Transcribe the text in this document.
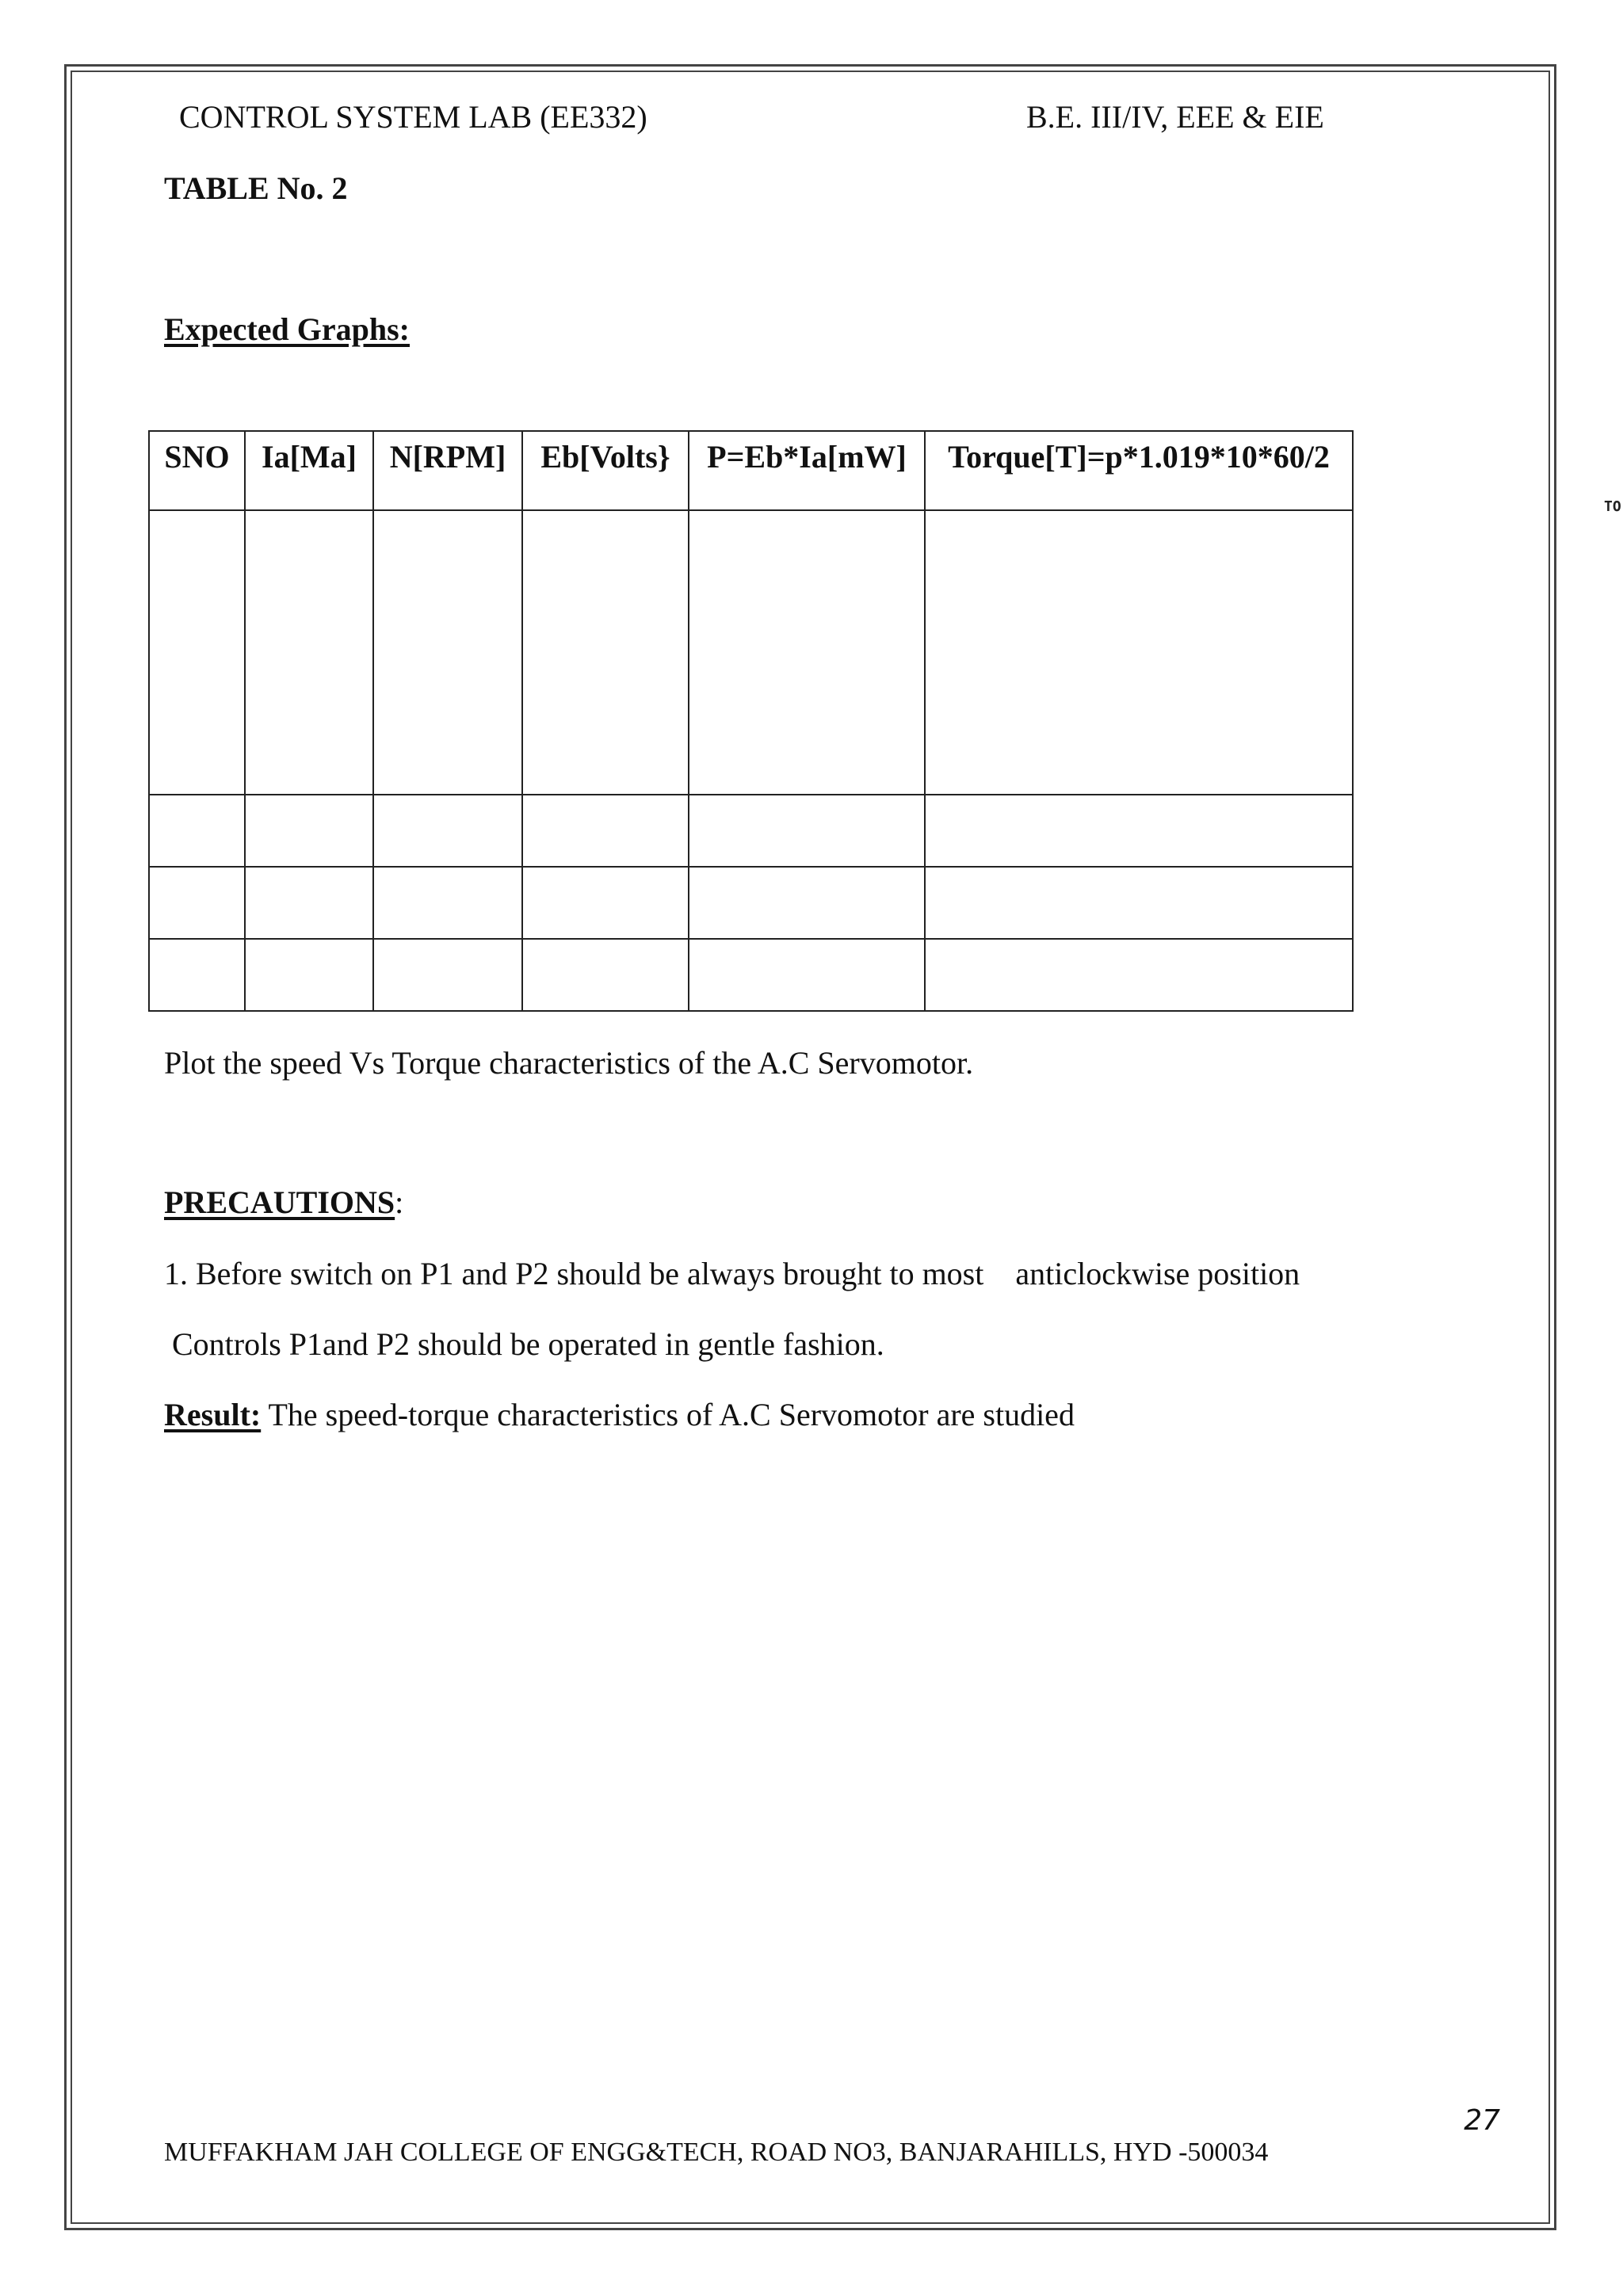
CONTROL SYSTEM LAB (EE332)	B.E. III/IV, EEE & EIE
TABLE No. 2
Expected Graphs:
SNO	Ia[Ma]	N[RPM]	Eb[Volts}	P=Eb*Ia[mW]	Torque[T]=p*1.019*10*60/2

Plot the speed Vs Torque characteristics of the A.C Servomotor.
PRECAUTIONS:
1. Before switch on P1 and P2 should be always brought to most    anticlockwise position
Controls P1and P2 should be operated in gentle fashion.
Result: The speed-torque characteristics of A.C Servomotor are studied
27
MUFFAKHAM JAH COLLEGE OF ENGG&TECH, ROAD NO3, BANJARAHILLS, HYD -500034
TO
